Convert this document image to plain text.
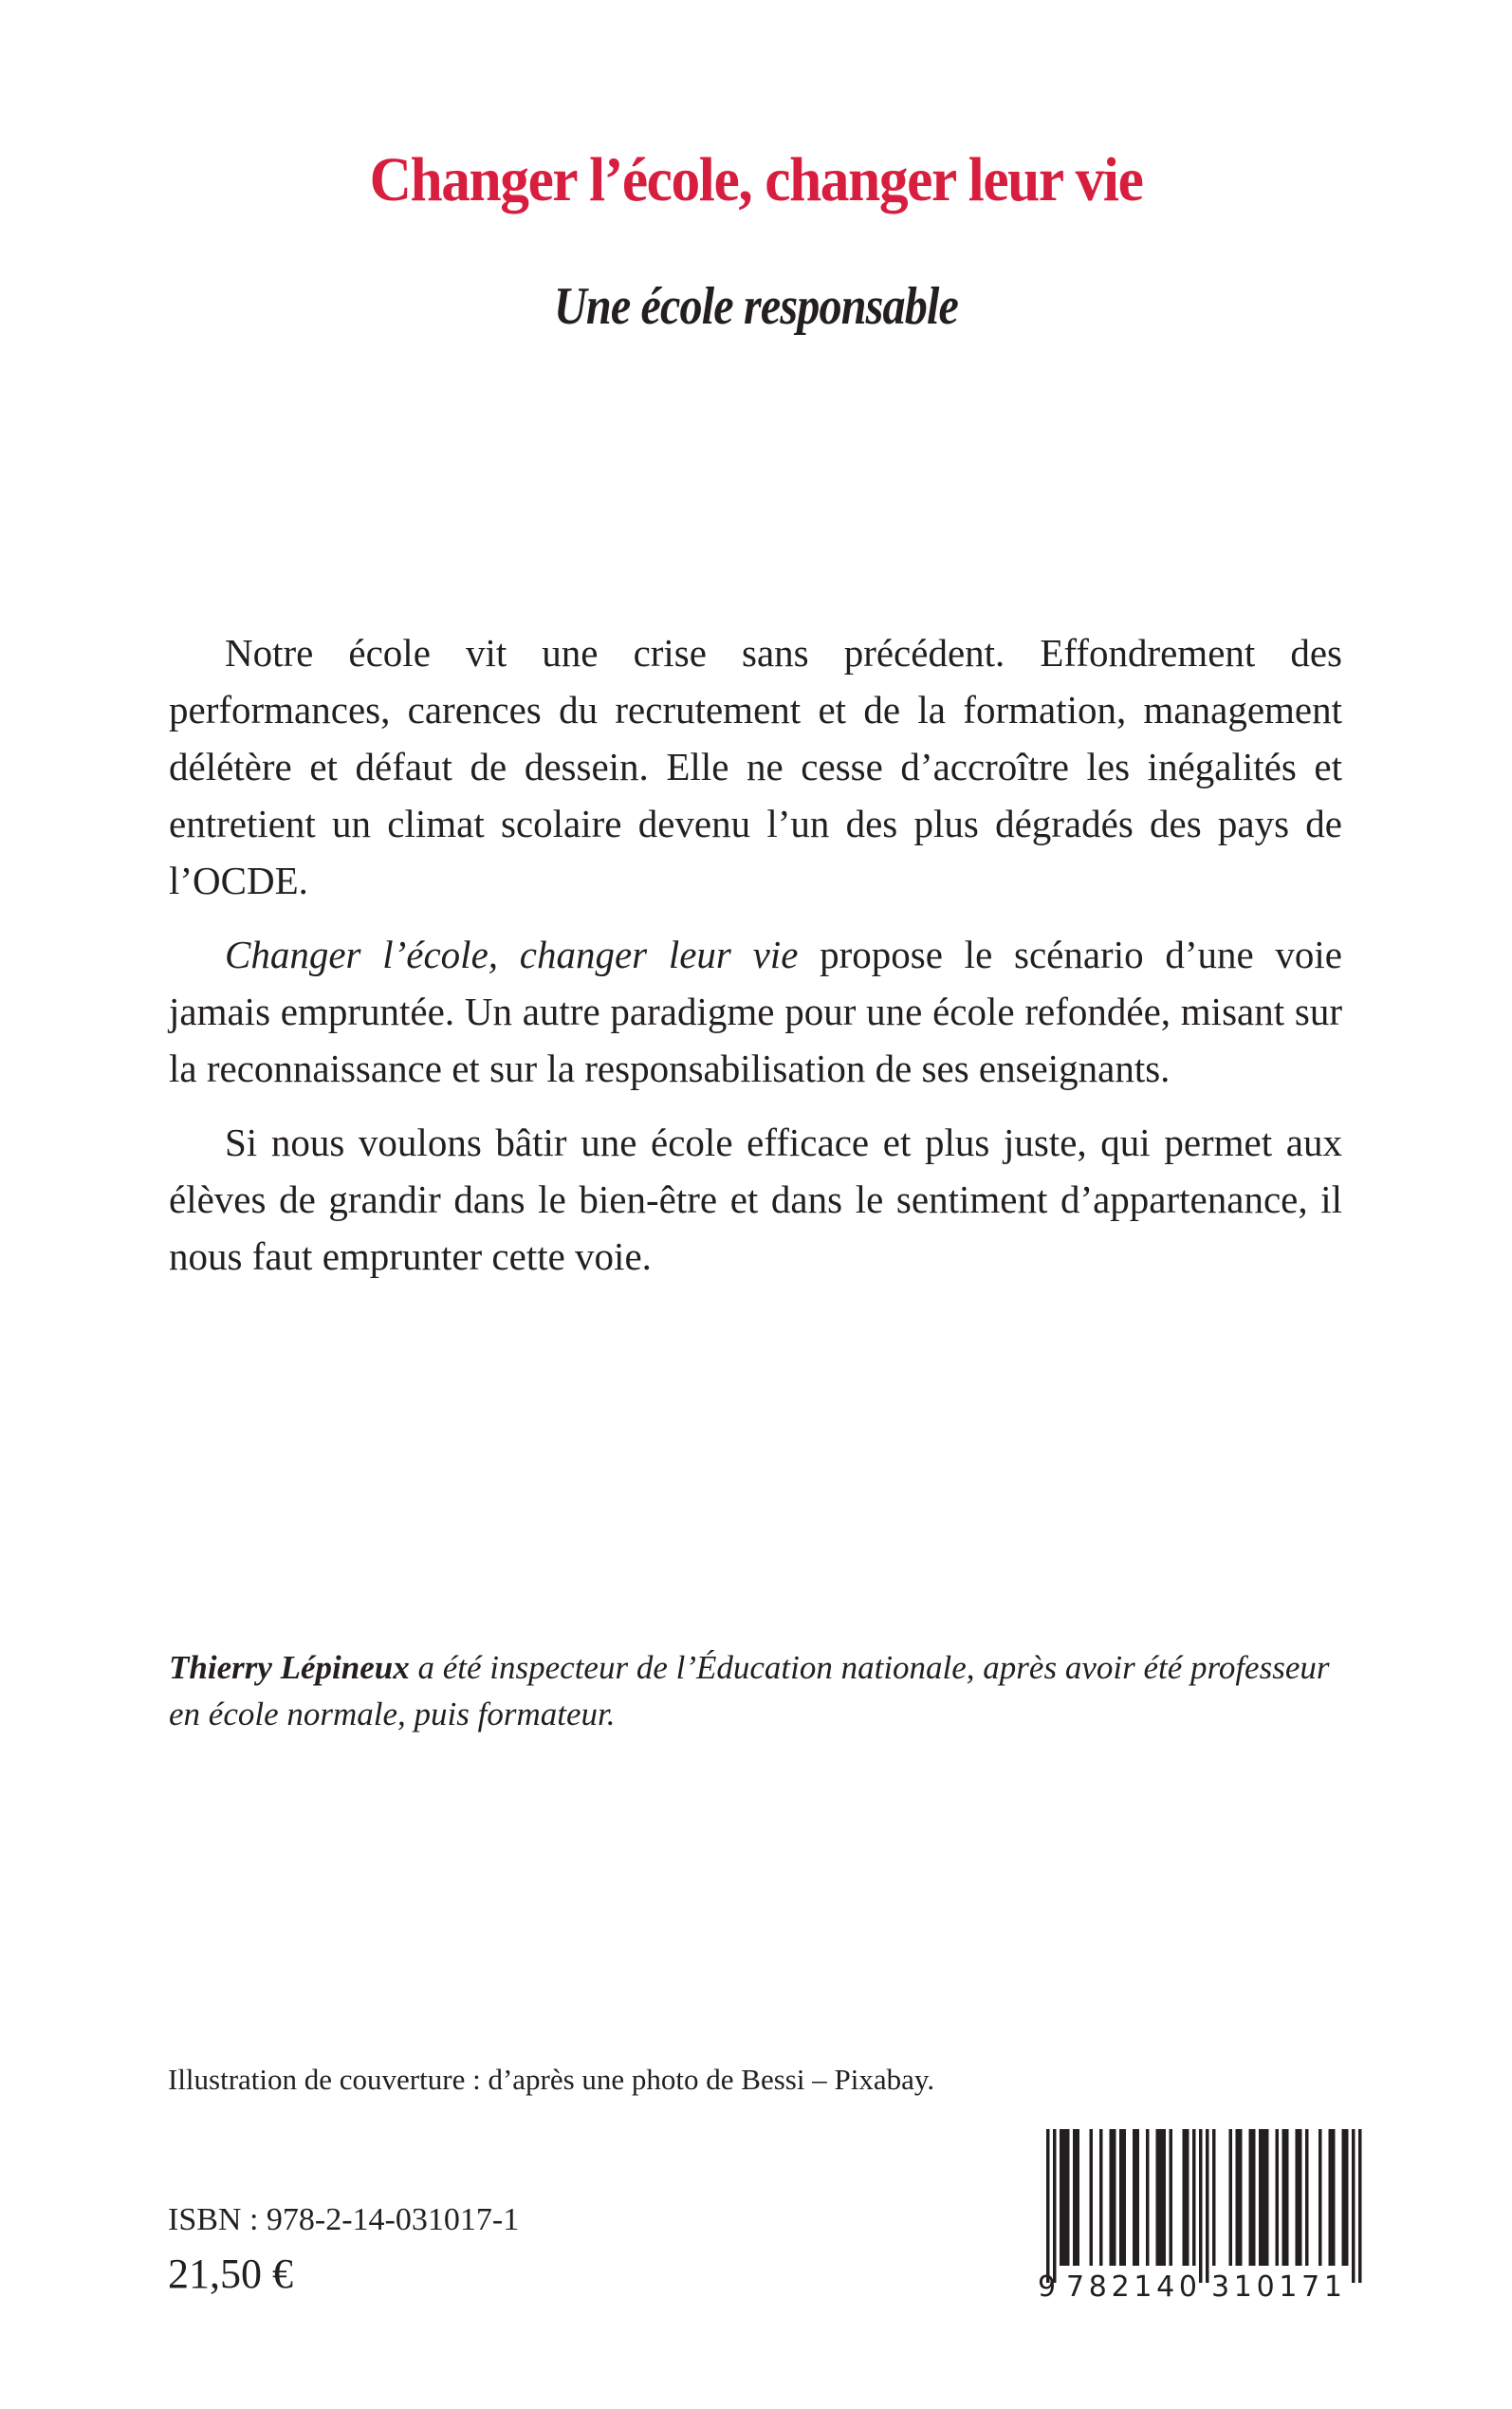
Changer l’école, changer leur vie
Une école responsable

Notre école vit une crise sans précédent. Effondrement des performances, carences du recrutement et de la formation, management délétère et défaut de dessein. Elle ne cesse d’accroître les inégalités et entretient un climat scolaire devenu l’un des plus dégradés des pays de l’OCDE.

Changer l’école, changer leur vie propose le scénario d’une voie jamais empruntée. Un autre paradigme pour une école refondée, misant sur la reconnaissance et sur la responsabilisation de ses enseignants.

Si nous voulons bâtir une école efficace et plus juste, qui permet aux élèves de grandir dans le bien-être et dans le sentiment d’appartenance, il nous faut emprunter cette voie.

Thierry Lépineux a été inspecteur de l’Éducation nationale, après avoir été professeur en école normale, puis formateur.
Illustration de couverture : d’après une photo de Bessi – Pixabay.
ISBN : 978-2-14-031017-1
21,50 €	9 782140 310171
